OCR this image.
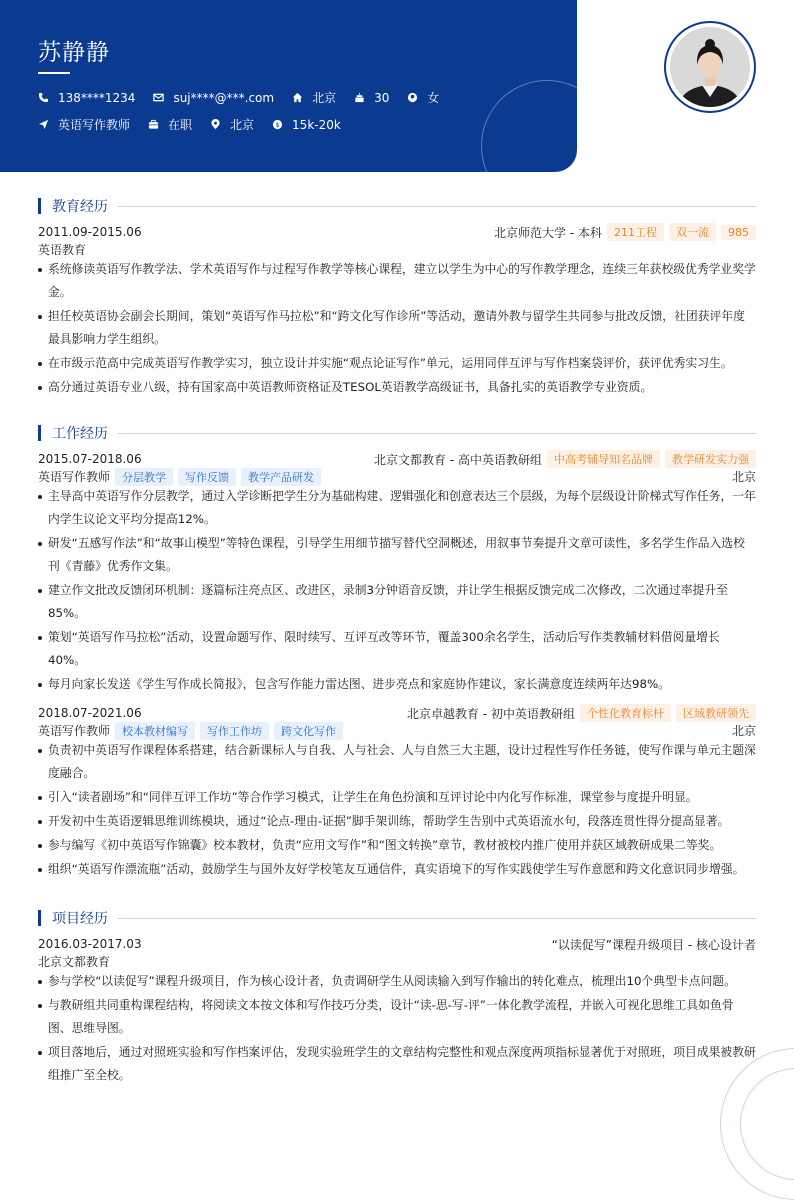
苏静静
138****1234	suj****@***.com	北京	30	女
英语写作教师	在职	北京	$ 15k-20k
教育经历
2011.09-2015.06	北京师范大学 - 本科	211工程	双一流	985
英语教育
系统修读英语写作教学法、学术英语写作与过程写作教学等核心课程，建立以学生为中心的写作教学理念，连续三年获校级优秀学业奖学金。
担任校英语协会副会长期间，策划“英语写作马拉松”和“跨文化写作诊所”等活动，邀请外教与留学生共同参与批改反馈，社团获评年度最具影响力学生组织。
在市级示范高中完成英语写作教学实习，独立设计并实施“观点论证写作”单元，运用同伴互评与写作档案袋评价，获评优秀实习生。
高分通过英语专业八级，持有国家高中英语教师资格证及TESOL英语教学高级证书，具备扎实的英语教学专业资质。
工作经历
2015.07-2018.06	北京文都教育 - 高中英语教研组	中高考辅导知名品牌	教学研发实力强
英语写作教师	分层教学	写作反馈	教学产品研发	北京
主导高中英语写作分层教学，通过入学诊断把学生分为基础构建、逻辑强化和创意表达三个层级，为每个层级设计阶梯式写作任务，一年内学生议论文平均分提高12%。
研发“五感写作法”和“故事山模型”等特色课程，引导学生用细节描写替代空洞概述，用叙事节奏提升文章可读性，多名学生作品入选校刊《青藤》优秀作文集。
建立作文批改反馈闭环机制：逐篇标注亮点区、改进区，录制3分钟语音反馈，并让学生根据反馈完成二次修改，二次通过率提升至85%。
策划“英语写作马拉松”活动，设置命题写作、限时续写、互评互改等环节，覆盖300余名学生，活动后写作类教辅材料借阅量增长40%。
每月向家长发送《学生写作成长简报》，包含写作能力雷达图、进步亮点和家庭协作建议，家长满意度连续两年达98%。
2018.07-2021.06	北京卓越教育 - 初中英语教研组	个性化教育标杆	区域教研领先
英语写作教师	校本教材编写	写作工作坊	跨文化写作	北京
负责初中英语写作课程体系搭建，结合新课标人与自我、人与社会、人与自然三大主题，设计过程性写作任务链，使写作课与单元主题深度融合。
引入“读者剧场”和“同伴互评工作坊”等合作学习模式，让学生在角色扮演和互评讨论中内化写作标准，课堂参与度提升明显。
开发初中生英语逻辑思维训练模块，通过“论点-理由-证据”脚手架训练，帮助学生告别中式英语流水句，段落连贯性得分提高显著。
参与编写《初中英语写作锦囊》校本教材，负责“应用文写作”和“图文转换”章节，教材被校内推广使用并获区域教研成果二等奖。
组织“英语写作漂流瓶”活动，鼓励学生与国外友好学校笔友互通信件，真实语境下的写作实践使学生写作意愿和跨文化意识同步增强。
项目经历
2016.03-2017.03	“以读促写”课程升级项目 - 核心设计者
北京文都教育
参与学校“以读促写”课程升级项目，作为核心设计者，负责调研学生从阅读输入到写作输出的转化难点，梳理出10个典型卡点问题。
与教研组共同重构课程结构，将阅读文本按文体和写作技巧分类，设计“读-思-写-评”一体化教学流程，并嵌入可视化思维工具如鱼骨图、思维导图。
项目落地后，通过对照班实验和写作档案评估，发现实验班学生的文章结构完整性和观点深度两项指标显著优于对照班，项目成果被教研组推广至全校。
